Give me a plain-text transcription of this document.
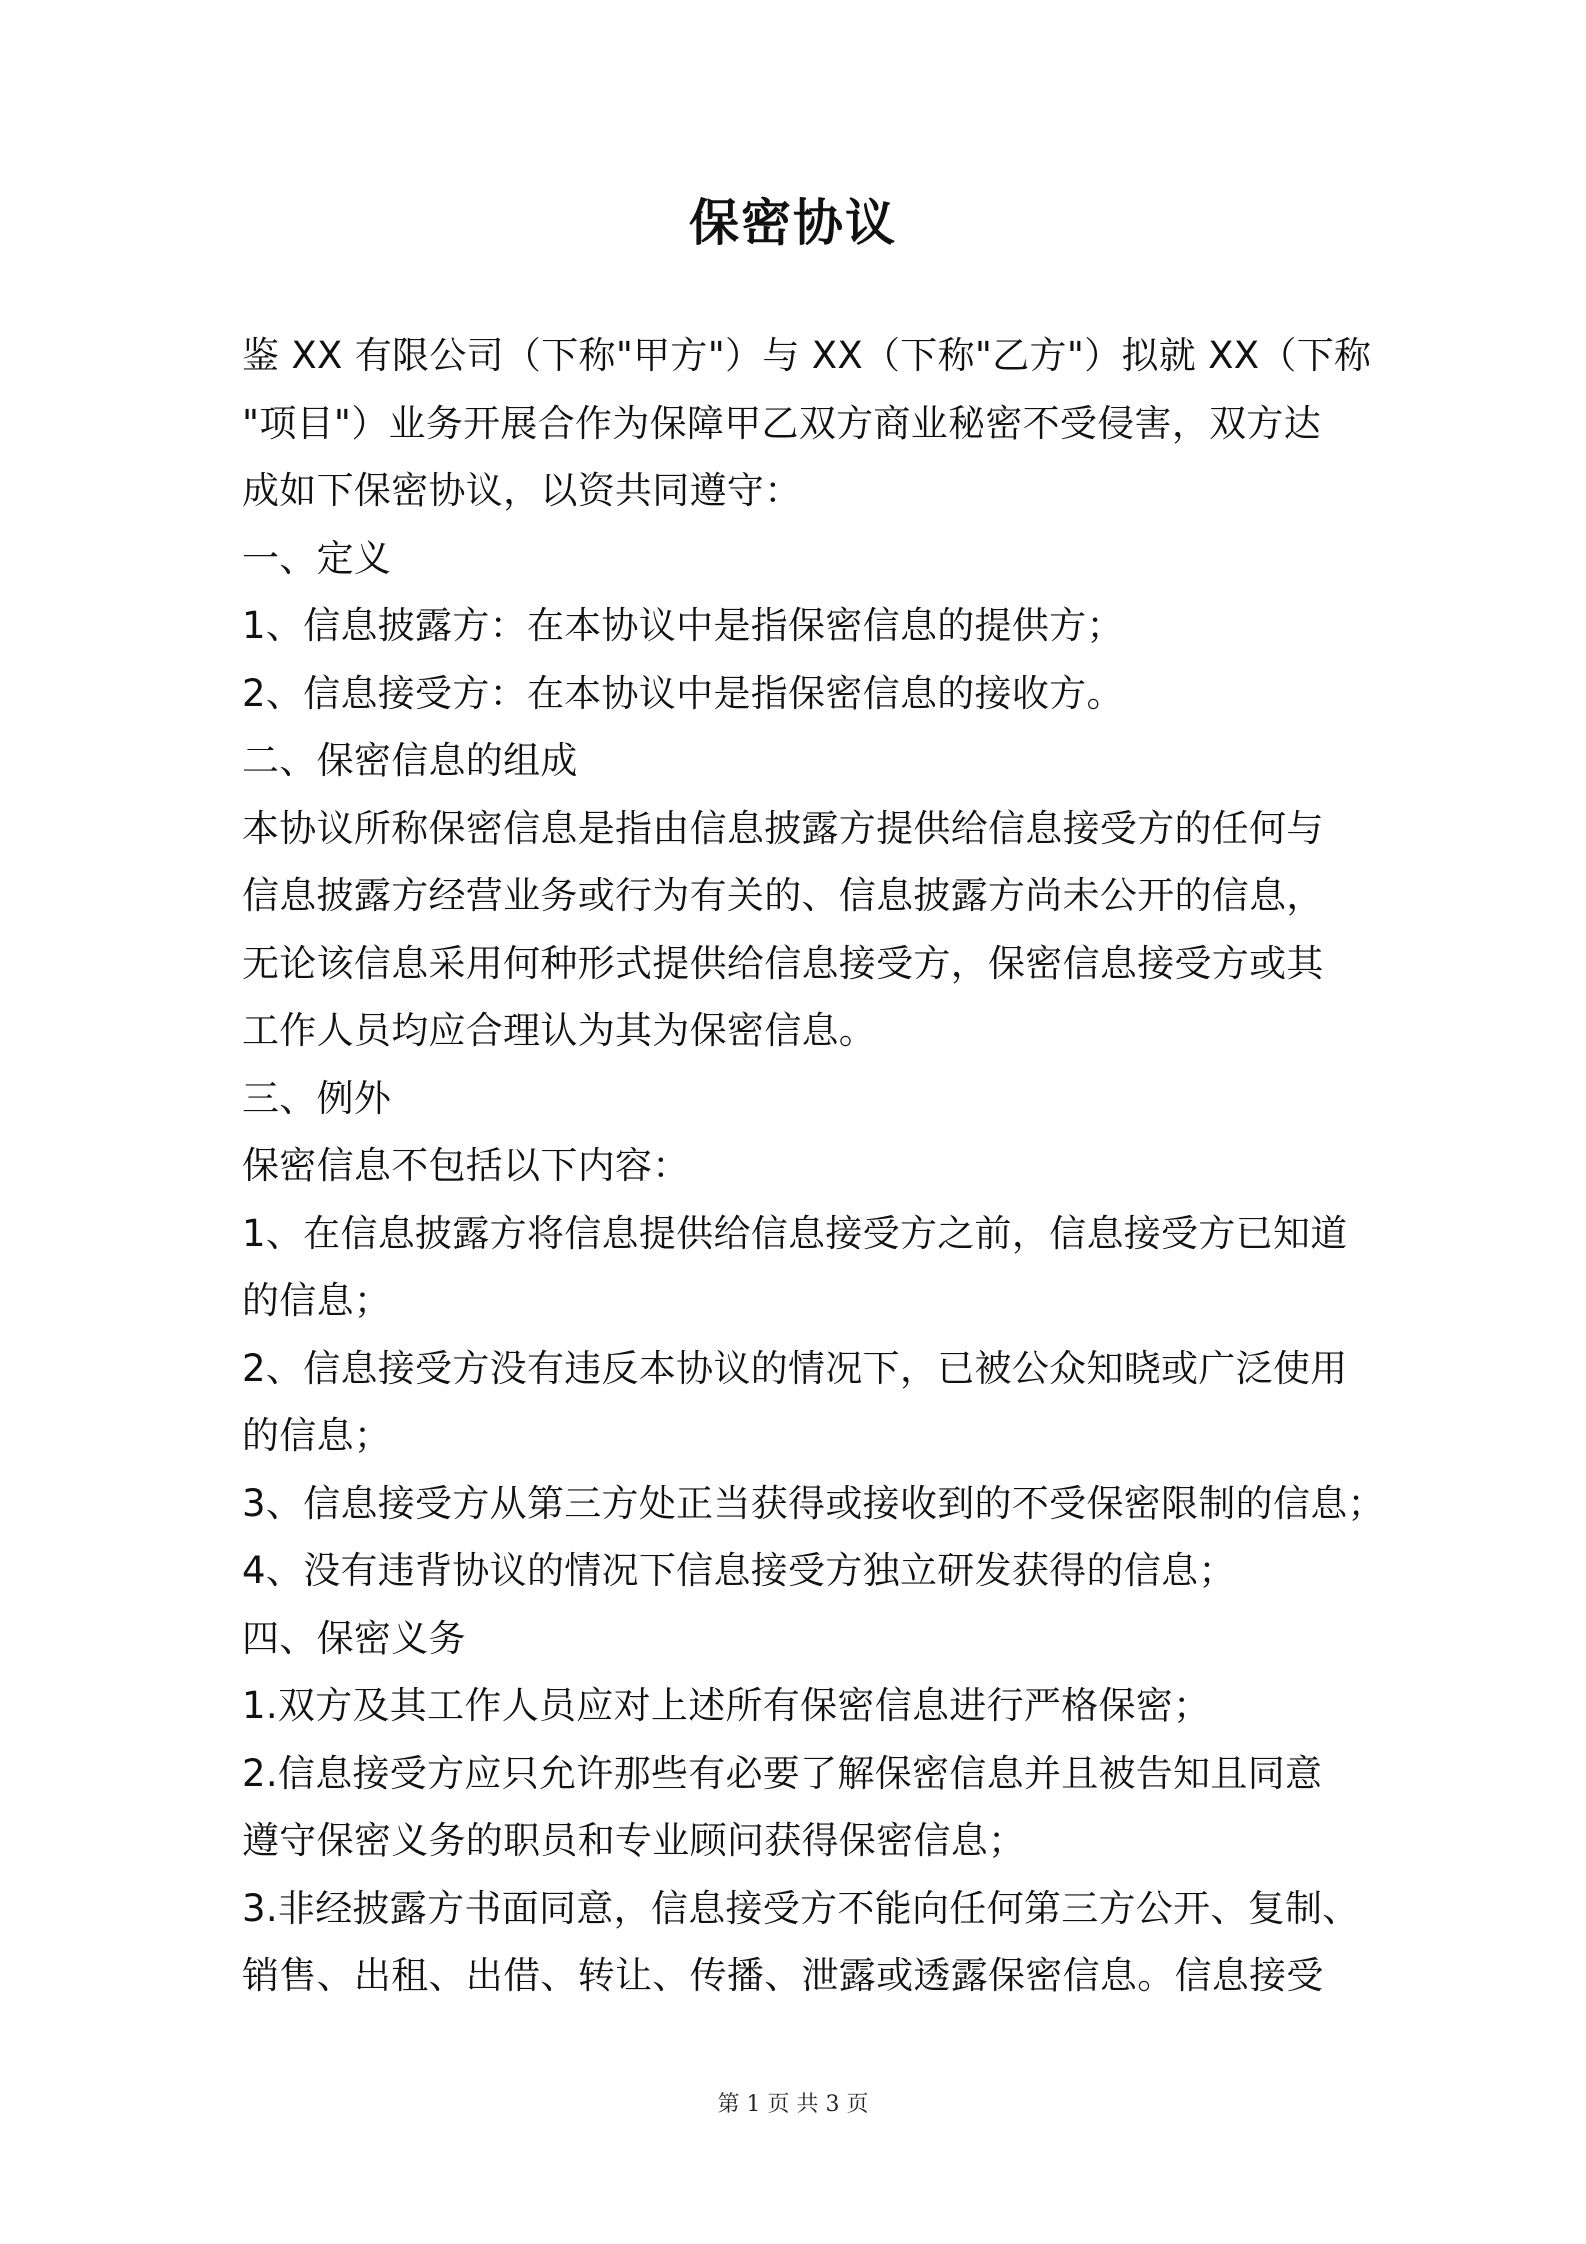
保密协议
鉴 XX 有限公司（下称"甲方"）与 XX（下称"乙方"）拟就 XX（下称
"项目"）业务开展合作为保障甲乙双方商业秘密不受侵害，双方达
成如下保密协议，以资共同遵守：
一、定义
1、信息披露方：在本协议中是指保密信息的提供方；
2、信息接受方：在本协议中是指保密信息的接收方。
二、保密信息的组成
本协议所称保密信息是指由信息披露方提供给信息接受方的任何与
信息披露方经营业务或行为有关的、信息披露方尚未公开的信息，
无论该信息采用何种形式提供给信息接受方，保密信息接受方或其
工作人员均应合理认为其为保密信息。
三、例外
保密信息不包括以下内容：
1、在信息披露方将信息提供给信息接受方之前，信息接受方已知道
的信息；
2、信息接受方没有违反本协议的情况下，已被公众知晓或广泛使用
的信息；
3、信息接受方从第三方处正当获得或接收到的不受保密限制的信息；
4、没有违背协议的情况下信息接受方独立研发获得的信息；
四、保密义务
1.双方及其工作人员应对上述所有保密信息进行严格保密；
2.信息接受方应只允许那些有必要了解保密信息并且被告知且同意
遵守保密义务的职员和专业顾问获得保密信息；
3.非经披露方书面同意，信息接受方不能向任何第三方公开、复制、
销售、出租、出借、转让、传播、泄露或透露保密信息。信息接受
第 1 页 共 3 页
